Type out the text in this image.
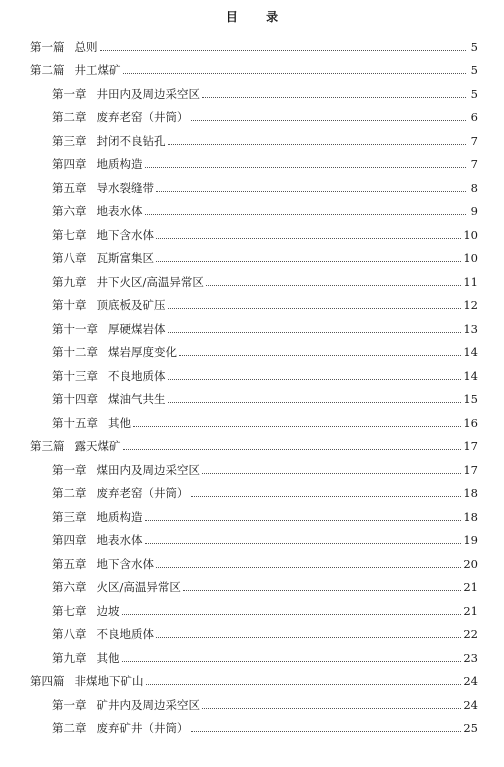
目 录
第一篇 总则	5
第二篇 井工煤矿	5
第一章 井田内及周边采空区	5
第二章 废弃老窑（井筒）	6
第三章 封闭不良钻孔	7
第四章 地质构造	7
第五章 导水裂缝带	8
第六章 地表水体	9
第七章 地下含水体	10
第八章 瓦斯富集区	10
第九章 井下火区/高温异常区	11
第十章 顶底板及矿压	12
第十一章 厚硬煤岩体	13
第十二章 煤岩厚度变化	14
第十三章 不良地质体	14
第十四章 煤油气共生	15
第十五章 其他	16
第三篇 露天煤矿	17
第一章 煤田内及周边采空区	17
第二章 废弃老窑（井筒）	18
第三章 地质构造	18
第四章 地表水体	19
第五章 地下含水体	20
第六章 火区/高温异常区	21
第七章 边坡	21
第八章 不良地质体	22
第九章 其他	23
第四篇 非煤地下矿山	24
第一章 矿井内及周边采空区	24
第二章 废弃矿井（井筒）	25
